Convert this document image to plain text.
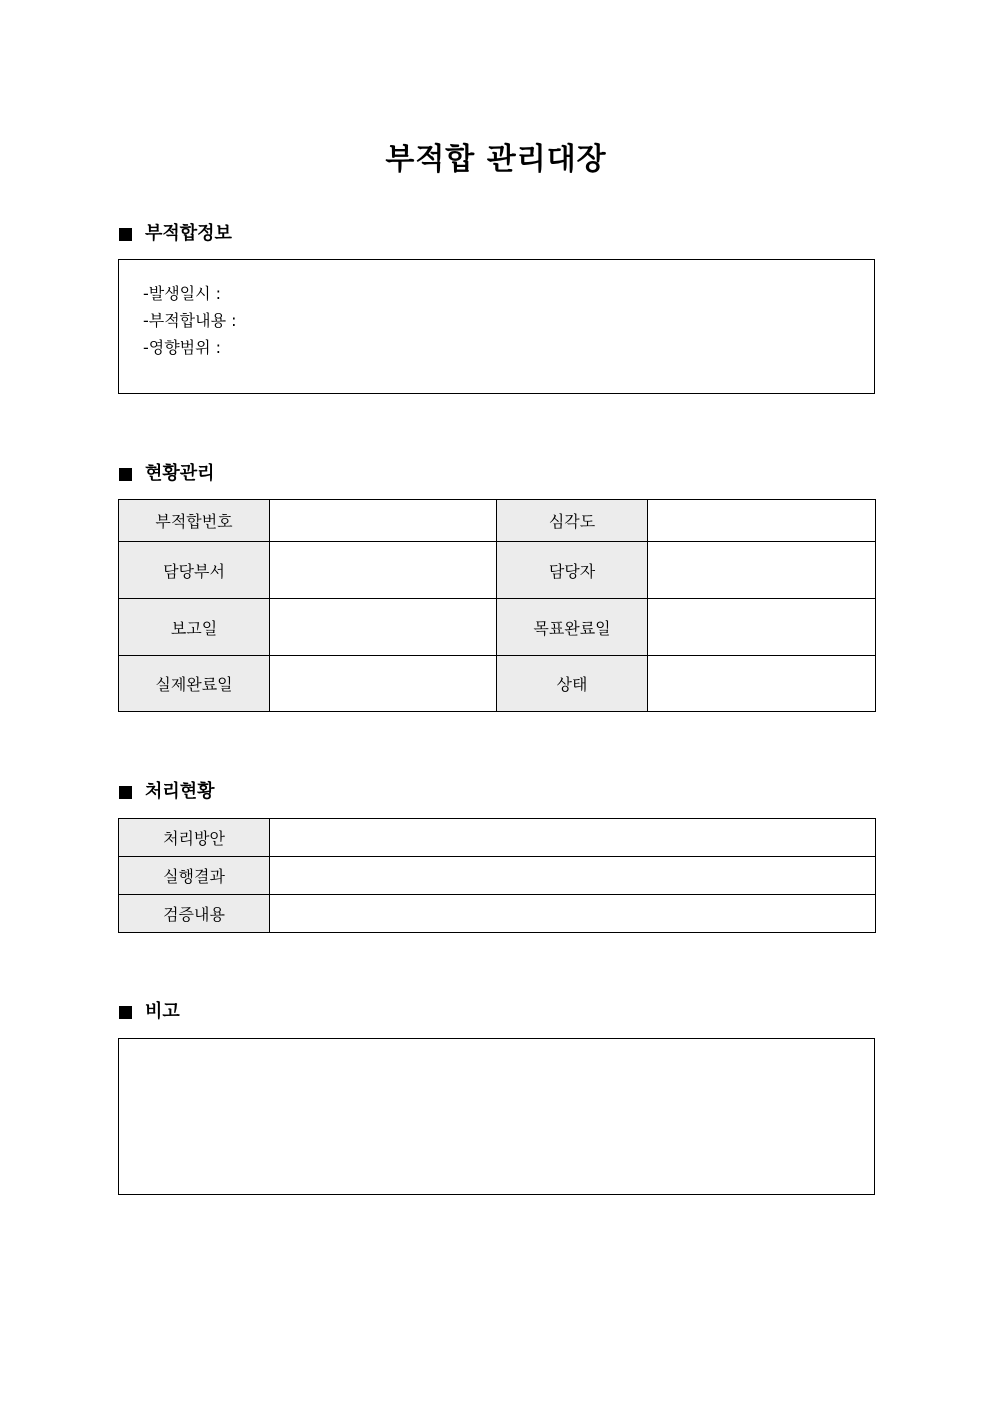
부적합 관리대장
부적합정보
-발생일시 :
-부적합내용 :
-영향범위 :
현황관리
부적합번호		심각도	
담당부서		담당자	
보고일		목표완료일	
실제완료일		상태	
처리현황
처리방안	
실행결과	
검증내용	
비고
